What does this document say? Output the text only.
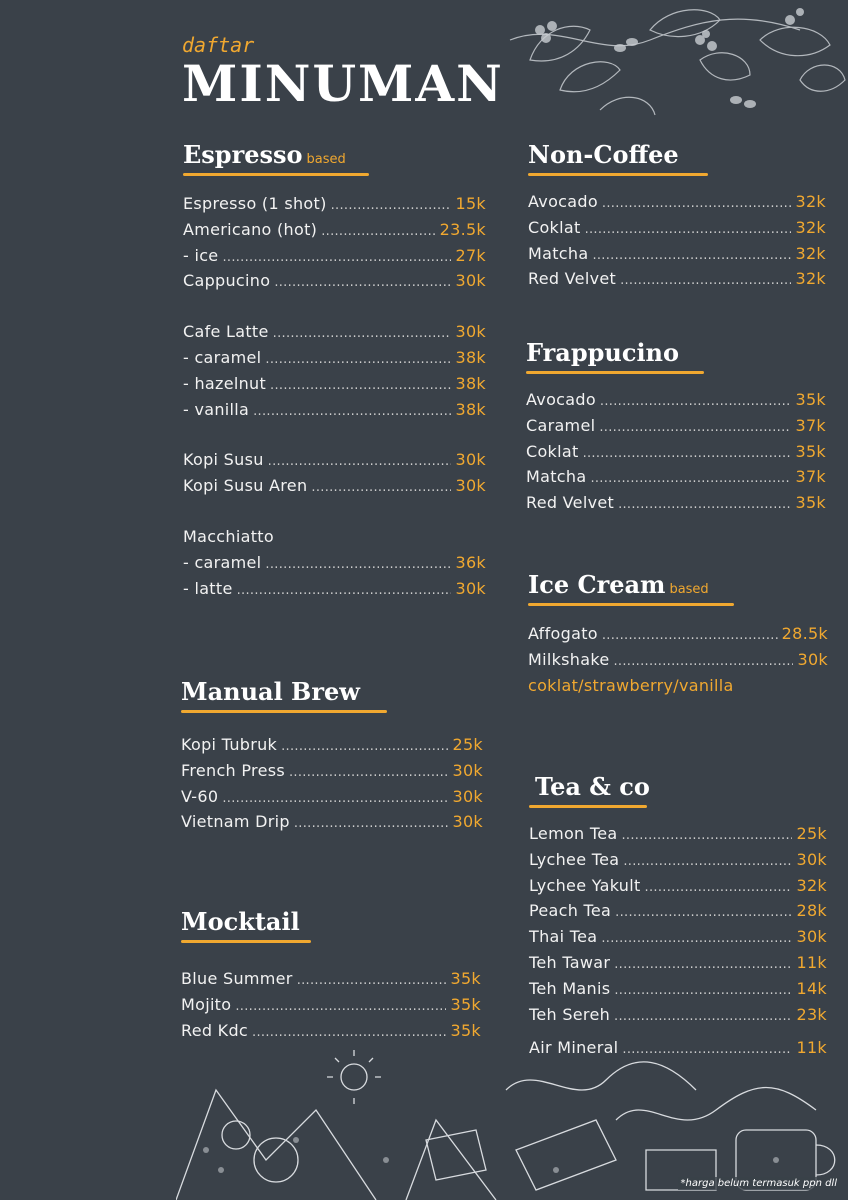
daftar
MINUMAN
Espresso based
Espresso (1 shot) .....	15k
Americano (hot) .....	23.5k
- ice .....	27k
Cappucino .....	30k
Cafe Latte .....	30k
- caramel .....	38k
- hazelnut .....	38k
- vanilla .....	38k
Kopi Susu .....	30k
Kopi Susu Aren .....	30k
Macchiatto
- caramel .....	36k
- latte .....	30k
Manual Brew
Kopi Tubruk .....	25k
French Press .....	30k
V-60 .....	30k
Vietnam Drip .....	30k
Mocktail
Blue Summer .....	35k
Mojito .....	35k
Red Kdc .....	35k
Non-Coffee
Avocado .....	32k
Coklat .....	32k
Matcha .....	32k
Red Velvet .....	32k
Frappucino
Avocado .....	35k
Caramel .....	37k
Coklat .....	35k
Matcha .....	37k
Red Velvet .....	35k
Ice Cream based
Affogato .....	28.5k
Milkshake .....	30k
coklat/strawberry/vanilla
Tea & co
Lemon Tea .....	25k
Lychee Tea .....	30k
Lychee Yakult .....	32k
Peach Tea .....	28k
Thai Tea .....	30k
Teh Tawar .....	11k
Teh Manis .....	14k
Teh Sereh .....	23k
Air Mineral .....	11k
*harga belum termasuk ppn dll
